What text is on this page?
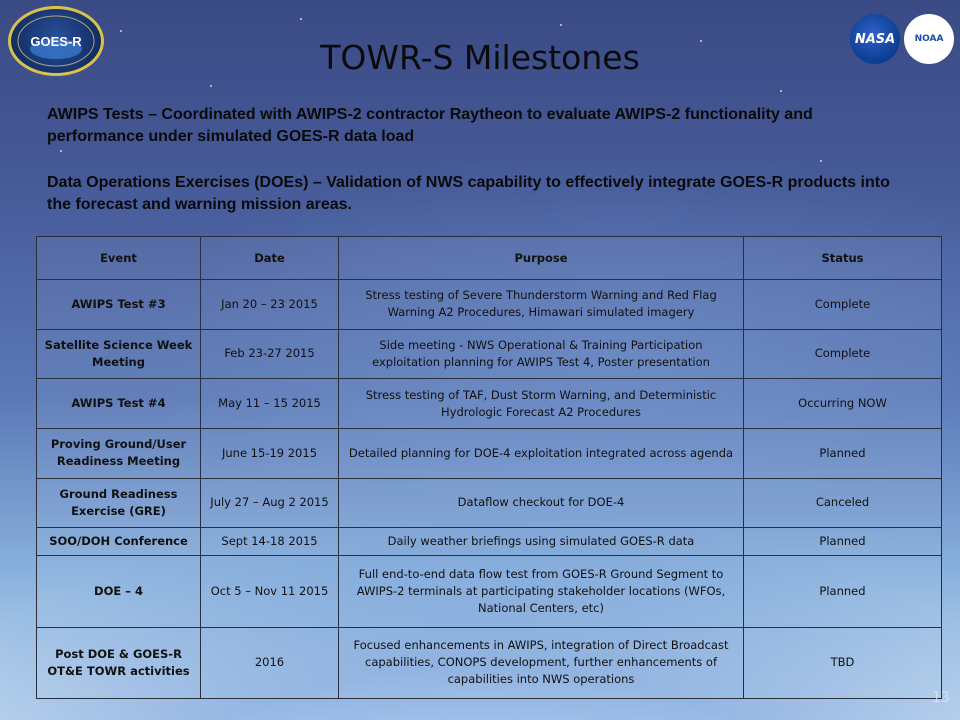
GOES-R	NASA NOAA
TOWR-S Milestones
AWIPS Tests – Coordinated with AWIPS-2 contractor Raytheon to evaluate AWIPS-2 functionality and performance under simulated GOES-R data load
Data Operations Exercises (DOEs) – Validation of NWS capability to effectively integrate GOES-R products into the forecast and warning mission areas.
Event	Date	Purpose	Status
AWIPS Test #3	Jan 20 – 23 2015	Stress testing of Severe Thunderstorm Warning and Red Flag Warning A2 Procedures, Himawari simulated imagery	Complete
Satellite Science Week Meeting	Feb 23-27 2015	Side meeting - NWS Operational & Training Participation exploitation planning for AWIPS Test 4, Poster presentation	Complete
AWIPS Test #4	May 11 – 15 2015	Stress testing of TAF, Dust Storm Warning, and Deterministic Hydrologic Forecast A2 Procedures	Occurring NOW
Proving Ground/User Readiness Meeting	June 15-19 2015	Detailed planning for DOE-4 exploitation integrated across agenda	Planned
Ground Readiness Exercise (GRE)	July 27 – Aug 2 2015	Dataflow checkout for DOE-4	Canceled
SOO/DOH Conference	Sept 14-18 2015	Daily weather briefings using simulated GOES-R data	Planned
DOE – 4	Oct 5 – Nov 11 2015	Full end-to-end data flow test from GOES-R Ground Segment to AWIPS-2 terminals at participating stakeholder locations (WFOs, National Centers, etc)	Planned
Post DOE & GOES-R OT&E TOWR activities	2016	Focused enhancements in AWIPS, integration of Direct Broadcast capabilities, CONOPS development, further enhancements of capabilities into NWS operations	TBD
13
